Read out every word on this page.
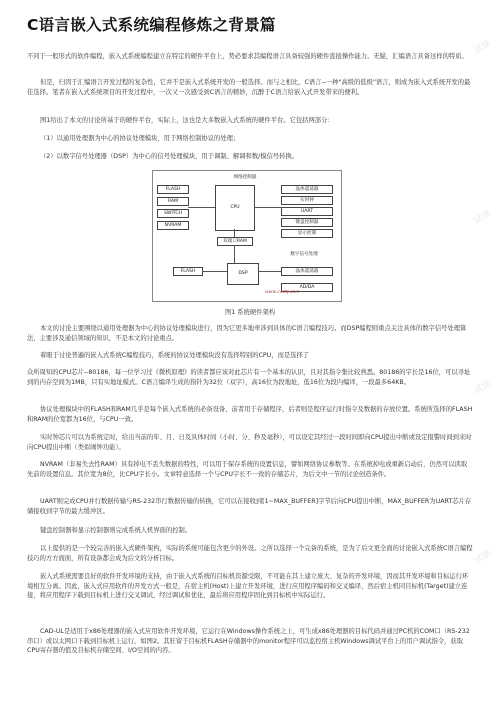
C语言嵌入式系统编程修炼之背景篇

不同于一般形式的软件编程，嵌入式系统编程建立在特定的硬件平台上，势必要求其编程语言具备较强的硬件直接操作能力。无疑，汇编语言具备这样的特质。

但是，归因于汇编语言开发过程的复杂性，它并不是嵌入式系统开发的一般选择。而与之相比，C语言--一种"高级的低级"语言，则成为嵌入式系统开发的最佳选择。笔者在嵌入式系统项目的开发过程中，一次又一次感受到C语言的精妙，沉醉于C语言给嵌入式开发带来的便利。

图1给出了本文的讨论所基于的硬件平台，实际上，这也是大多数嵌入式系统的硬件平台。它包括两部分：

（1）以通用处理器为中心的协议处理模块，用于网络控制协议的处理；

（2）以数字信号处理器（DSP）为中心的信号处理模块，用于调制、解调和数/模信号转换。

网络控制器
FLASH
RAM
SWITCH
NVRAM
CPU
晶体震荡器
实时钟
UART
键盘控制器
显示控制
双端口RAM
数字信号处理
FLASH	DSP	晶体震荡器
AD/DA
www.ccdtj.com
图1 系统硬件架构

本文的讨论主要围绕以通用处理器为中心的协议处理模块进行，因为它更多地牵涉到具体的C语言编程技巧。而DSP编程则重点关注具体的数字信号处理算法，主要涉及通信领域的知识，不是本文的讨论重点。

着眼于讨论普遍的嵌入式系统C编程技巧，系统的协议处理模块没有选择特别的CPU，而是选择了

众所周知的CPU芯片--80186，每一位学习过《微机原理》的读者都应该对此芯片有一个基本的认识，且对其指令集比较熟悉。80186的字长是16位，可以寻址到的内存空间为1MB，只有实地址模式。C语言编译生成的指针为32位（双字），高16位为段地址，低16位为段内编译，一段最多64KB。

协议处理模块中的FLASH和RAM几乎是每个嵌入式系统的必备设备，前者用于存储程序，后者则是程序运行时指令及数据的存放位置。系统所选择的FLASH和RAM的位宽都为16位，与CPU一致。

实时钟芯片可以为系统定时，给出当前的年、月、日及具体时间（小时、分、秒及毫秒），可以设定其经过一段时间即向CPU提出中断或设定报警时间到来时向CPU提出中断（类似闹钟功能）。

NVRAM（非易失去性RAM）具有掉电不丢失数据的特性，可以用于保存系统的设置信息，譬如网络协议参数等。在系统掉电或重新启动后，仍然可以读取先前的设置信息。其位宽为8位，比CPU字长小。文章特意选择一个与CPU字长不一致的存储芯片，为后文中一节的讨论创造条件。

UART则完成CPU并行数据传输与RS-232串行数据传输的转换，它可以在接收到[1~MAX_BUFFER]字节后向CPU提出中断，MAX_BUFFER为UART芯片存储接收到字节的最大缓冲区。

键盘控制器和显示控制器则完成系统人机界面的控制。

以上提供的是一个较完善的嵌入式硬件架构，实际的系统可能包含更少的外设。之所以选择一个完备的系统，是为了后文更全面的讨论嵌入式系统C语言编程技巧的方方面面，所有设备都会成为后文的分析目标。

嵌入式系统需要良好的软件开发环境的支持，由于嵌入式系统的目标机资源受限，不可能在其上建立庞大、复杂的开发环境，因而其开发环境和目标运行环境相互分离。因此，嵌入式应用软件的开发方式一般是，在宿主机(Host)上建立开发环境，进行应用程序编码和交叉编译，然后宿主机同目标机(Target)建立连接，将应用程序下载到目标机上进行交叉调试，经过调试和优化，最后将应用程序固化到目标机中实际运行。

CAD-UL是适用于x86处理器的嵌入式应用软件开发环境，它运行在Windows操作系统之上，可生成x86处理器的目标代码并通过PC机的COM口（RS-232串口）或以太网口下载到目标机上运行，如图2。其驻留于目标机FLASH存储器中的monitor程序可以监控宿主机Windows调试平台上的用户调试指令，获取CPU寄存器的值及目标机存储空间、I/O空间的内容。

试读
试读
试读
试读
